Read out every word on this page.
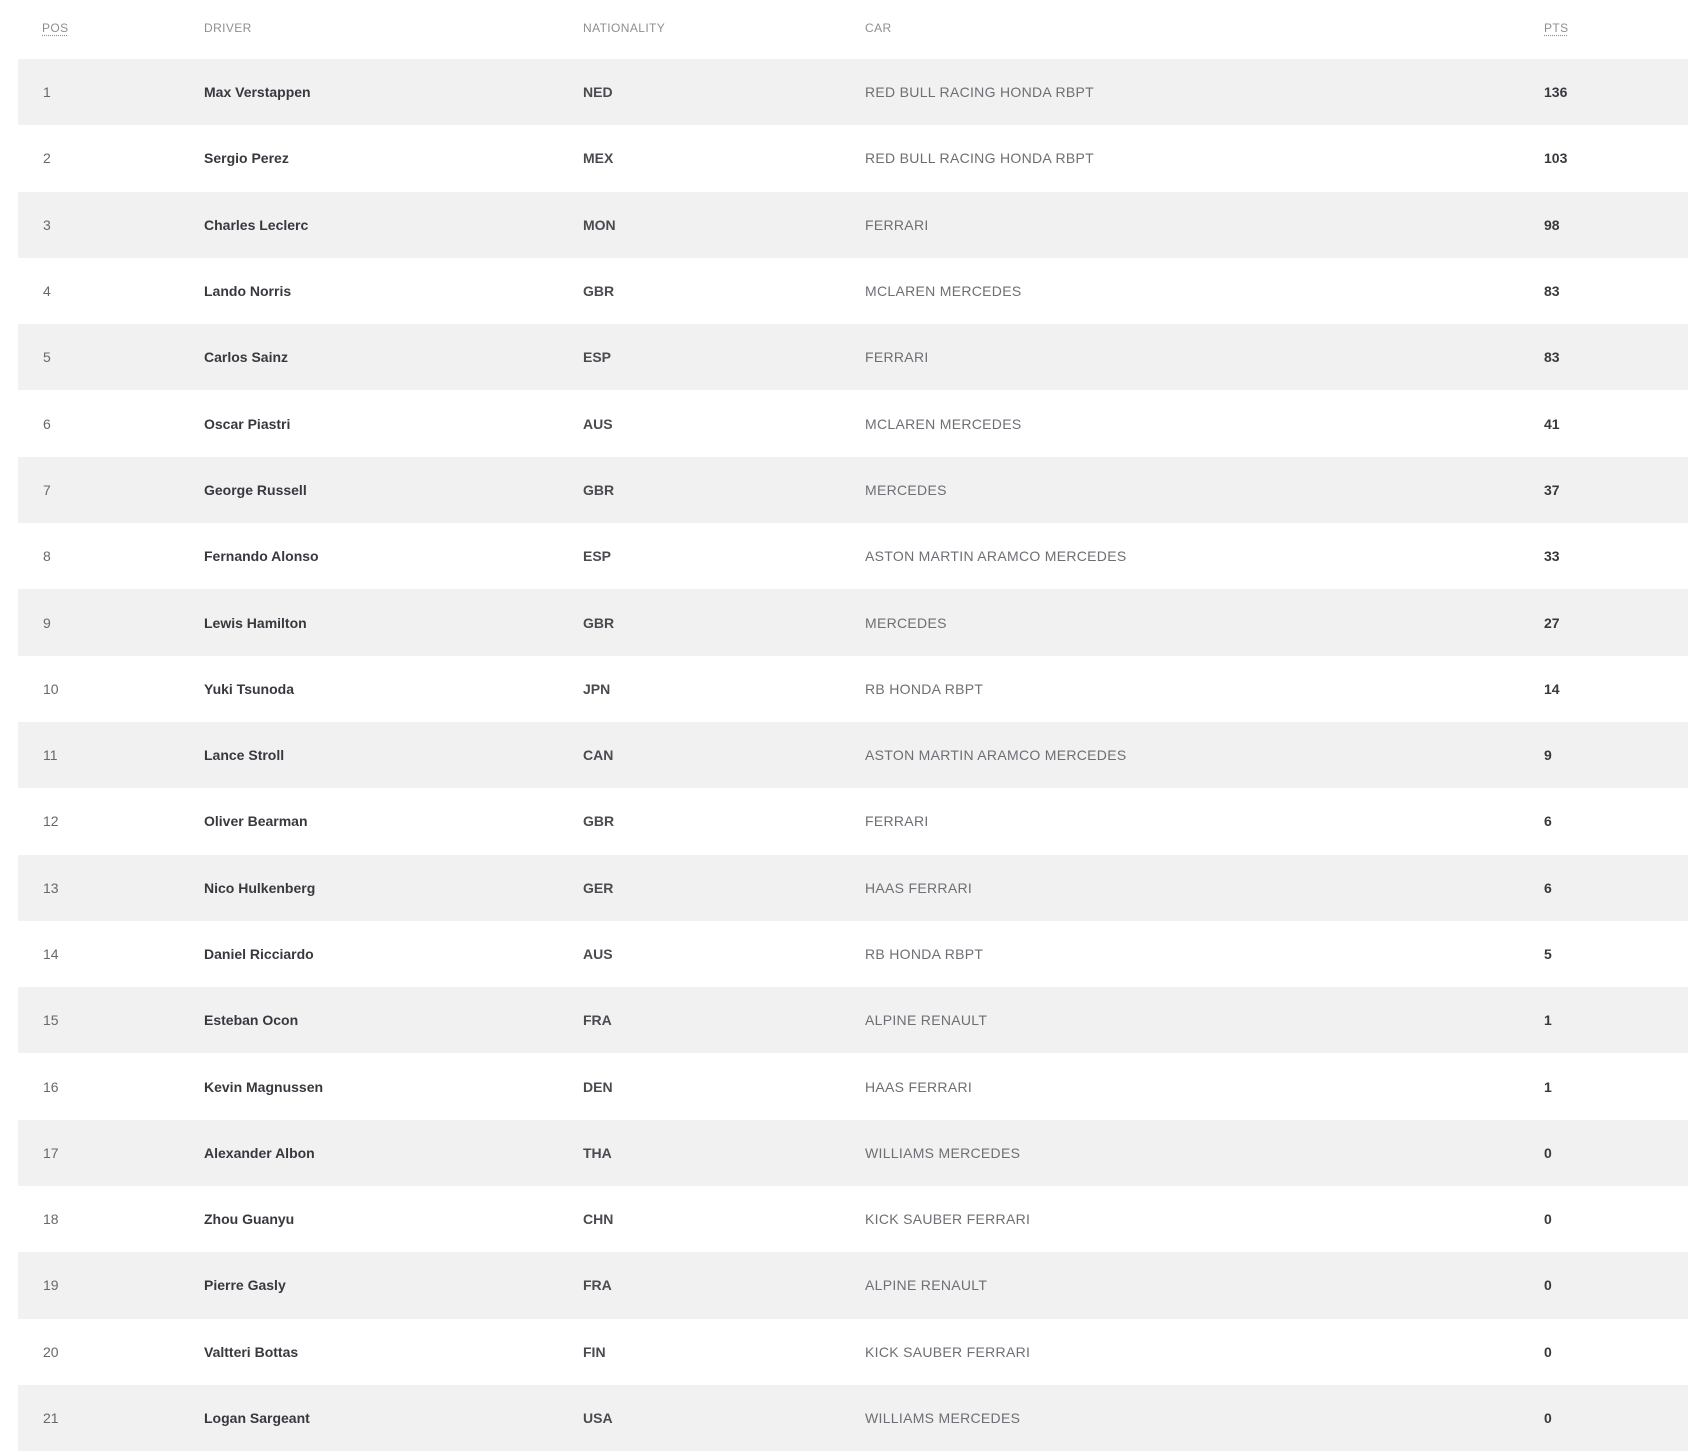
POS	DRIVER	NATIONALITY	CAR	PTS
1	Max Verstappen	NED	RED BULL RACING HONDA RBPT	136
2	Sergio Perez	MEX	RED BULL RACING HONDA RBPT	103
3	Charles Leclerc	MON	FERRARI	98
4	Lando Norris	GBR	MCLAREN MERCEDES	83
5	Carlos Sainz	ESP	FERRARI	83
6	Oscar Piastri	AUS	MCLAREN MERCEDES	41
7	George Russell	GBR	MERCEDES	37
8	Fernando Alonso	ESP	ASTON MARTIN ARAMCO MERCEDES	33
9	Lewis Hamilton	GBR	MERCEDES	27
10	Yuki Tsunoda	JPN	RB HONDA RBPT	14
11	Lance Stroll	CAN	ASTON MARTIN ARAMCO MERCEDES	9
12	Oliver Bearman	GBR	FERRARI	6
13	Nico Hulkenberg	GER	HAAS FERRARI	6
14	Daniel Ricciardo	AUS	RB HONDA RBPT	5
15	Esteban Ocon	FRA	ALPINE RENAULT	1
16	Kevin Magnussen	DEN	HAAS FERRARI	1
17	Alexander Albon	THA	WILLIAMS MERCEDES	0
18	Zhou Guanyu	CHN	KICK SAUBER FERRARI	0
19	Pierre Gasly	FRA	ALPINE RENAULT	0
20	Valtteri Bottas	FIN	KICK SAUBER FERRARI	0
21	Logan Sargeant	USA	WILLIAMS MERCEDES	0
